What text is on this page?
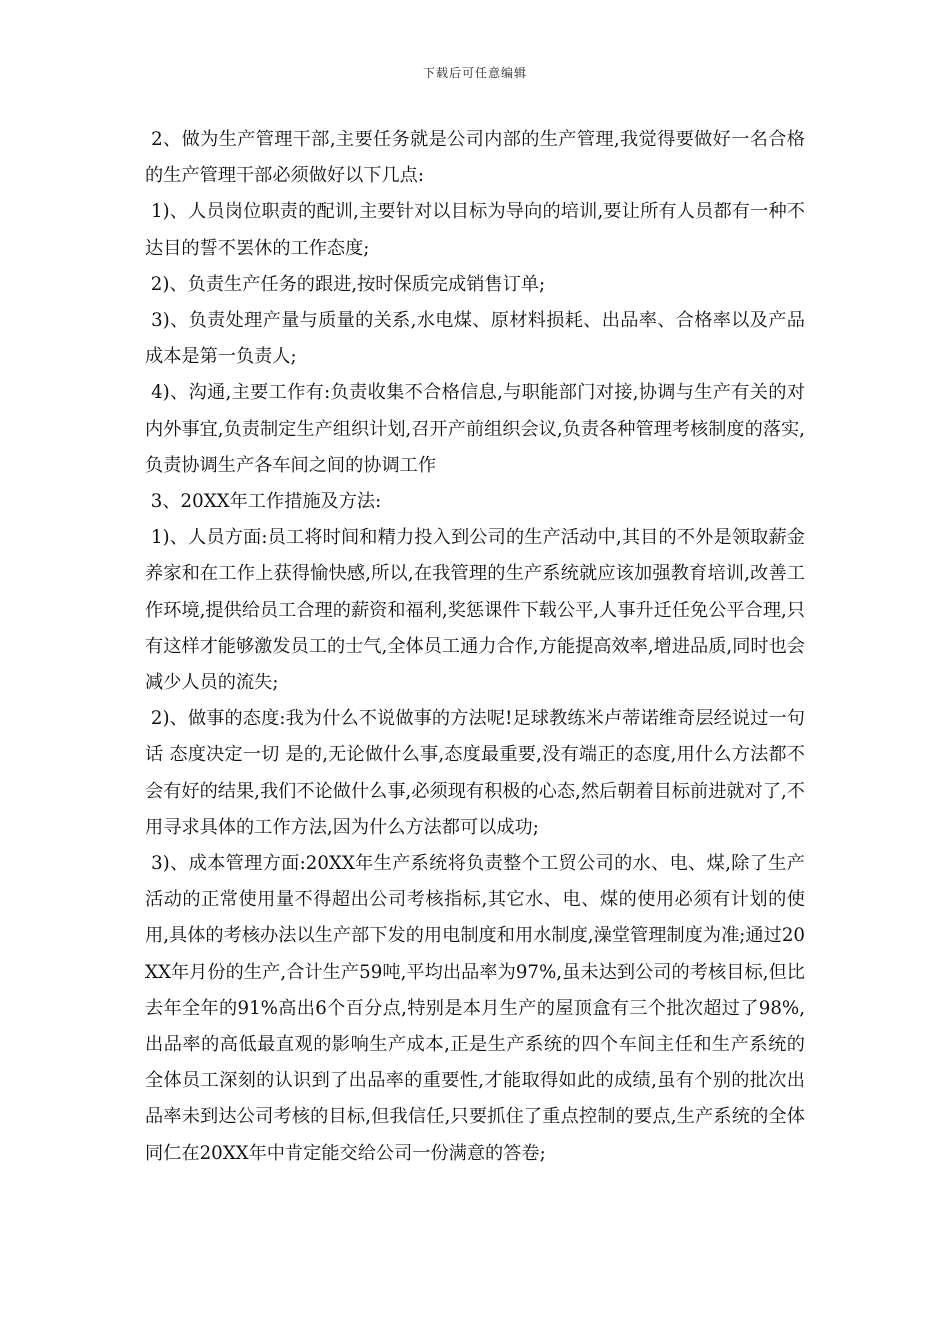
下载后可任意编辑

2、做为生产管理干部,主要任务就是公司内部的生产管理,我觉得要做好一名合格的生产管理干部必须做好以下几点:

1)、人员岗位职责的配训,主要针对以目标为导向的培训,要让所有人员都有一种不达目的誓不罢休的工作态度;

2)、负责生产任务的跟进,按时保质完成销售订单;

3)、负责处理产量与质量的关系,水电煤、原材料损耗、出品率、合格率以及产品成本是第一负责人;

4)、沟通,主要工作有:负责收集不合格信息,与职能部门对接,协调与生产有关的对内外事宜,负责制定生产组织计划,召开产前组织会议,负责各种管理考核制度的落实,负责协调生产各车间之间的协调工作

3、20XX年工作措施及方法:

1)、人员方面:员工将时间和精力投入到公司的生产活动中,其目的不外是领取薪金养家和在工作上获得愉快感,所以,在我管理的生产系统就应该加强教育培训,改善工作环境,提供给员工合理的薪资和福利,奖惩课件下载公平,人事升迁任免公平合理,只有这样才能够激发员工的士气,全体员工通力合作,方能提高效率,增进品质,同时也会减少人员的流失;

2)、做事的态度:我为什么不说做事的方法呢!足球教练米卢蒂诺维奇层经说过一句话 态度决定一切 是的,无论做什么事,态度最重要,没有端正的态度,用什么方法都不会有好的结果,我们不论做什么事,必须现有积极的心态,然后朝着目标前进就对了,不用寻求具体的工作方法,因为什么方法都可以成功;

3)、成本管理方面:20XX年生产系统将负责整个工贸公司的水、电、煤,除了生产活动的正常使用量不得超出公司考核指标,其它水、电、煤的使用必须有计划的使用,具体的考核办法以生产部下发的用电制度和用水制度,澡堂管理制度为准;通过20XX年月份的生产,合计生产59吨,平均出品率为97%,虽未达到公司的考核目标,但比去年全年的91%高出6个百分点,特别是本月生产的屋顶盒有三个批次超过了98%,出品率的高低最直观的影响生产成本,正是生产系统的四个车间主任和生产系统的全体员工深刻的认识到了出品率的重要性,才能取得如此的成绩,虽有个别的批次出品率未到达公司考核的目标,但我信任,只要抓住了重点控制的要点,生产系统的全体同仁在20XX年中肯定能交给公司一份满意的答卷;
